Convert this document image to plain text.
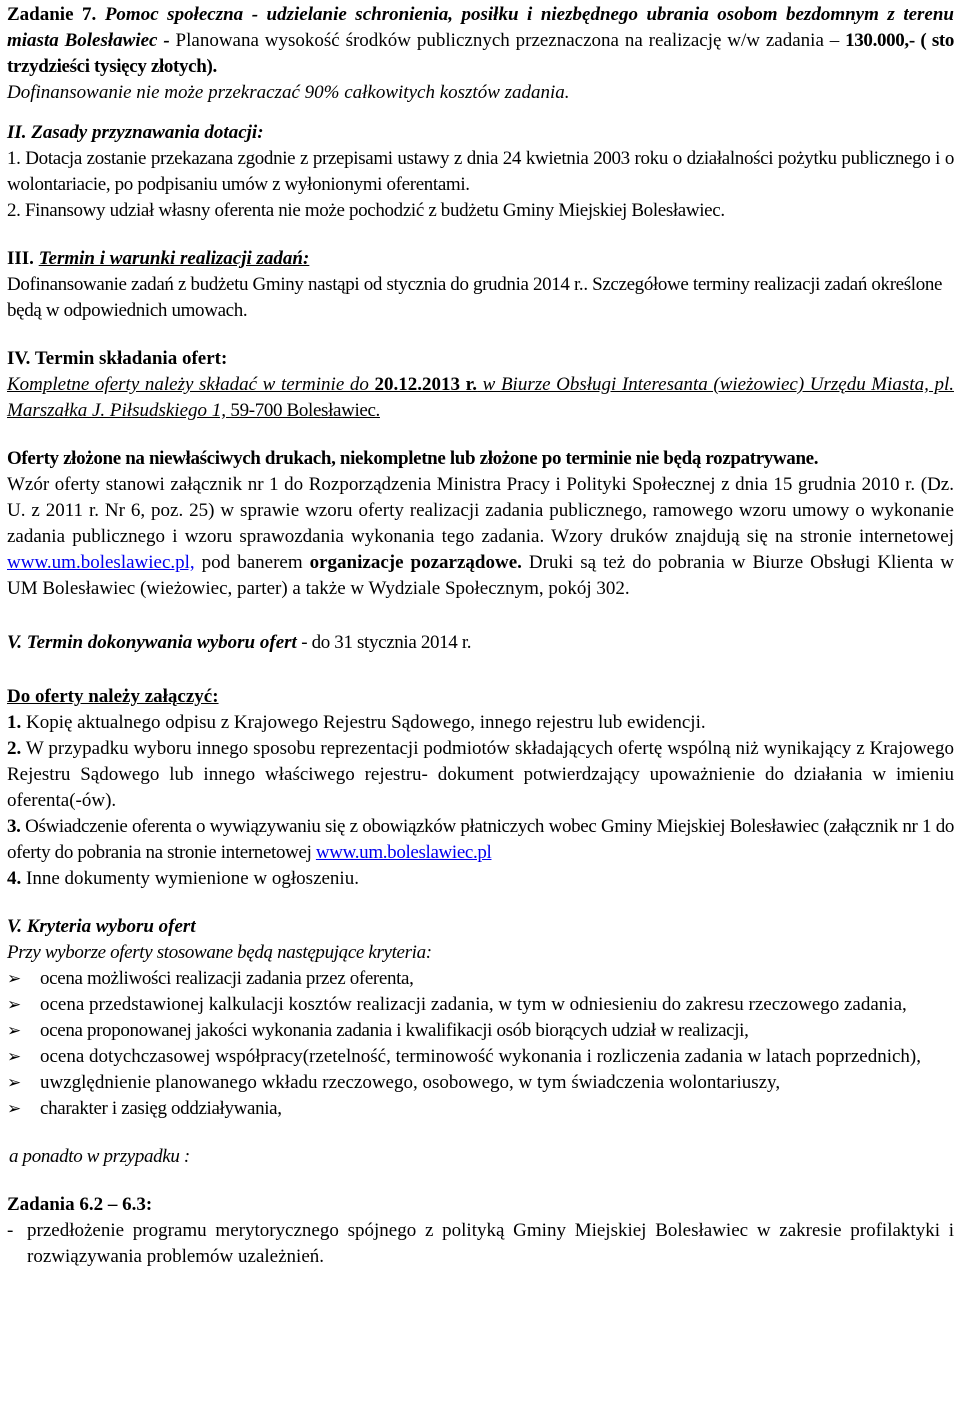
Zadanie 7. Pomoc społeczna - udzielanie schronienia, posiłku i niezbędnego ubrania osobom bezdomnym z terenu miasta Bolesławiec - Planowana wysokość środków publicznych przeznaczona na realizację w/w zadania – 130.000,- ( sto trzydzieści tysięcy złotych).

Dofinansowanie nie może przekraczać 90% całkowitych kosztów zadania.

II. Zasady przyznawania dotacji:

1. Dotacja zostanie przekazana zgodnie z przepisami ustawy z dnia 24 kwietnia 2003 roku o działalności pożytku publicznego i o wolontariacie, po podpisaniu umów z wyłonionymi oferentami.

2. Finansowy udział własny oferenta nie może pochodzić z budżetu Gminy Miejskiej Bolesławiec.

III. Termin i warunki realizacji zadań:

Dofinansowanie zadań z budżetu Gminy nastąpi od stycznia do grudnia 2014 r.. Szczegółowe terminy realizacji zadań określone będą w odpowiednich umowach.

IV. Termin składania ofert:

Kompletne oferty należy składać w terminie do 20.12.2013 r. w Biurze Obsługi Interesanta (wieżowiec) Urzędu Miasta, pl. Marszałka J. Piłsudskiego 1, 59-700 Bolesławiec.

Oferty złożone na niewłaściwych drukach, niekompletne lub złożone po terminie nie będą rozpatrywane.

Wzór oferty stanowi załącznik nr 1 do Rozporządzenia Ministra Pracy i Polityki Społecznej z dnia 15 grudnia 2010 r. (Dz. U. z 2011 r. Nr 6, poz. 25) w sprawie wzoru oferty realizacji zadania publicznego, ramowego wzoru umowy o wykonanie zadania publicznego i wzoru sprawozdania wykonania tego zadania. Wzory druków znajdują się na stronie internetowej www.um.boleslawiec.pl, pod banerem organizacje pozarządowe. Druki są też do pobrania w Biurze Obsługi Klienta w UM Bolesławiec (wieżowiec, parter) a także w Wydziale Społecznym, pokój 302.

V. Termin dokonywania wyboru ofert - do 31 stycznia 2014 r.

Do oferty należy załączyć:

1. Kopię aktualnego odpisu z Krajowego Rejestru Sądowego, innego rejestru lub ewidencji.

2. W przypadku wyboru innego sposobu reprezentacji podmiotów składających ofertę wspólną niż wynikający z Krajowego Rejestru Sądowego lub innego właściwego rejestru- dokument potwierdzający upoważnienie do działania w imieniu oferenta(-ów).

3. Oświadczenie oferenta o wywiązywaniu się z obowiązków płatniczych wobec Gminy Miejskiej Bolesławiec (załącznik nr 1 do oferty do pobrania na stronie internetowej www.um.boleslawiec.pl

4. Inne dokumenty wymienione w ogłoszeniu.

V. Kryteria wyboru ofert

Przy wyborze oferty stosowane będą następujące kryteria:

➢ ocena możliwości realizacji zadania przez oferenta,
➢ ocena przedstawionej kalkulacji kosztów realizacji zadania, w tym w odniesieniu do zakresu rzeczowego zadania,
➢ ocena proponowanej jakości wykonania zadania i kwalifikacji osób biorących udział w realizacji,
➢ ocena dotychczasowej współpracy(rzetelność, terminowość wykonania i rozliczenia zadania w latach poprzednich),
➢ uwzględnienie planowanego wkładu rzeczowego, osobowego, w tym świadczenia wolontariuszy,
➢ charakter i zasięg oddziaływania,

a ponadto w przypadku :

Zadania 6.2 – 6.3:

- przedłożenie programu merytorycznego spójnego z polityką Gminy Miejskiej Bolesławiec w zakresie profilaktyki i rozwiązywania problemów uzależnień.
